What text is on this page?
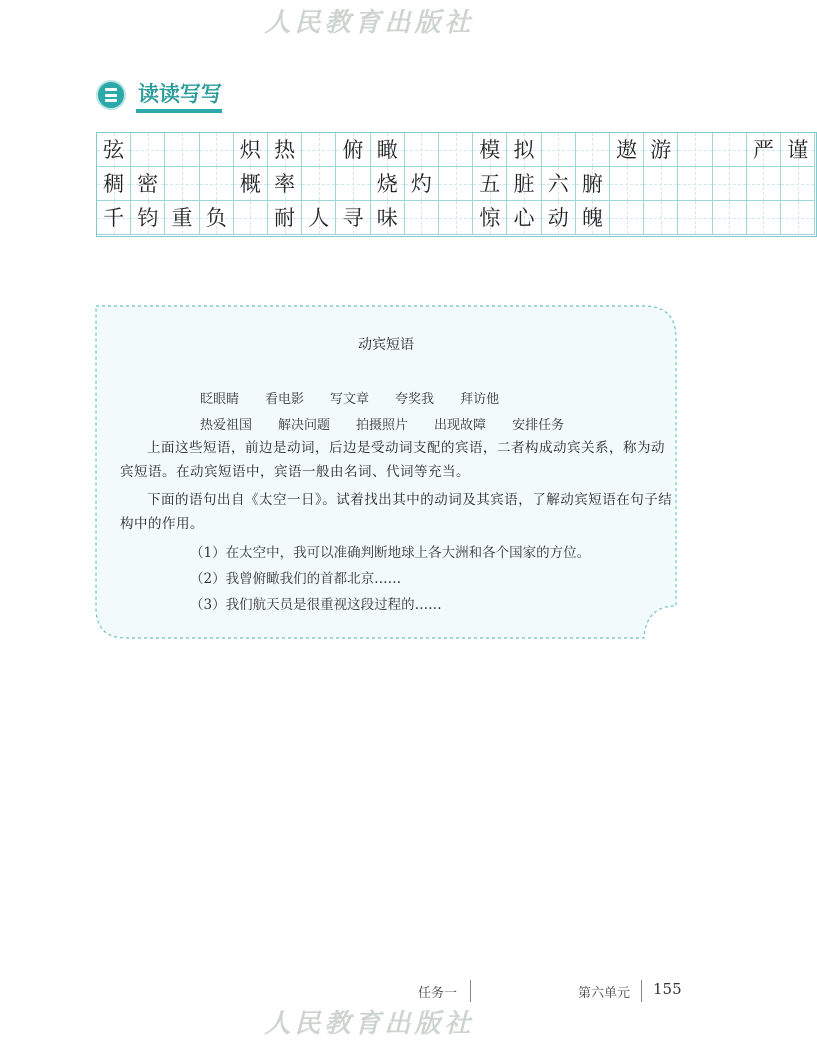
人民教育出版社
读读写写
弦	炽 热	俯 瞰	模 拟	遨 游	严 谨
稠 密	概 率	烧 灼	五 脏 六 腑
千 钧 重 负	耐 人 寻 味	惊 心 动 魄
动宾短语
眨眼睛 看电影 写文章 夸奖我 拜访他
热爱祖国 解决问题 拍摄照片 出现故障 安排任务
上面这些短语，前边是动词，后边是受动词支配的宾语，二者构成动宾关系，称为动宾短语。在动宾短语中，宾语一般由名词、代词等充当。
下面的语句出自《太空一日》。试着找出其中的动词及其宾语，了解动宾短语在句子结构中的作用。
（1）在太空中，我可以准确判断地球上各大洲和各个国家的方位。
（2）我曾俯瞰我们的首都北京……
（3）我们航天员是很重视这段过程的……
任务一	第六单元 155
人民教育出版社
